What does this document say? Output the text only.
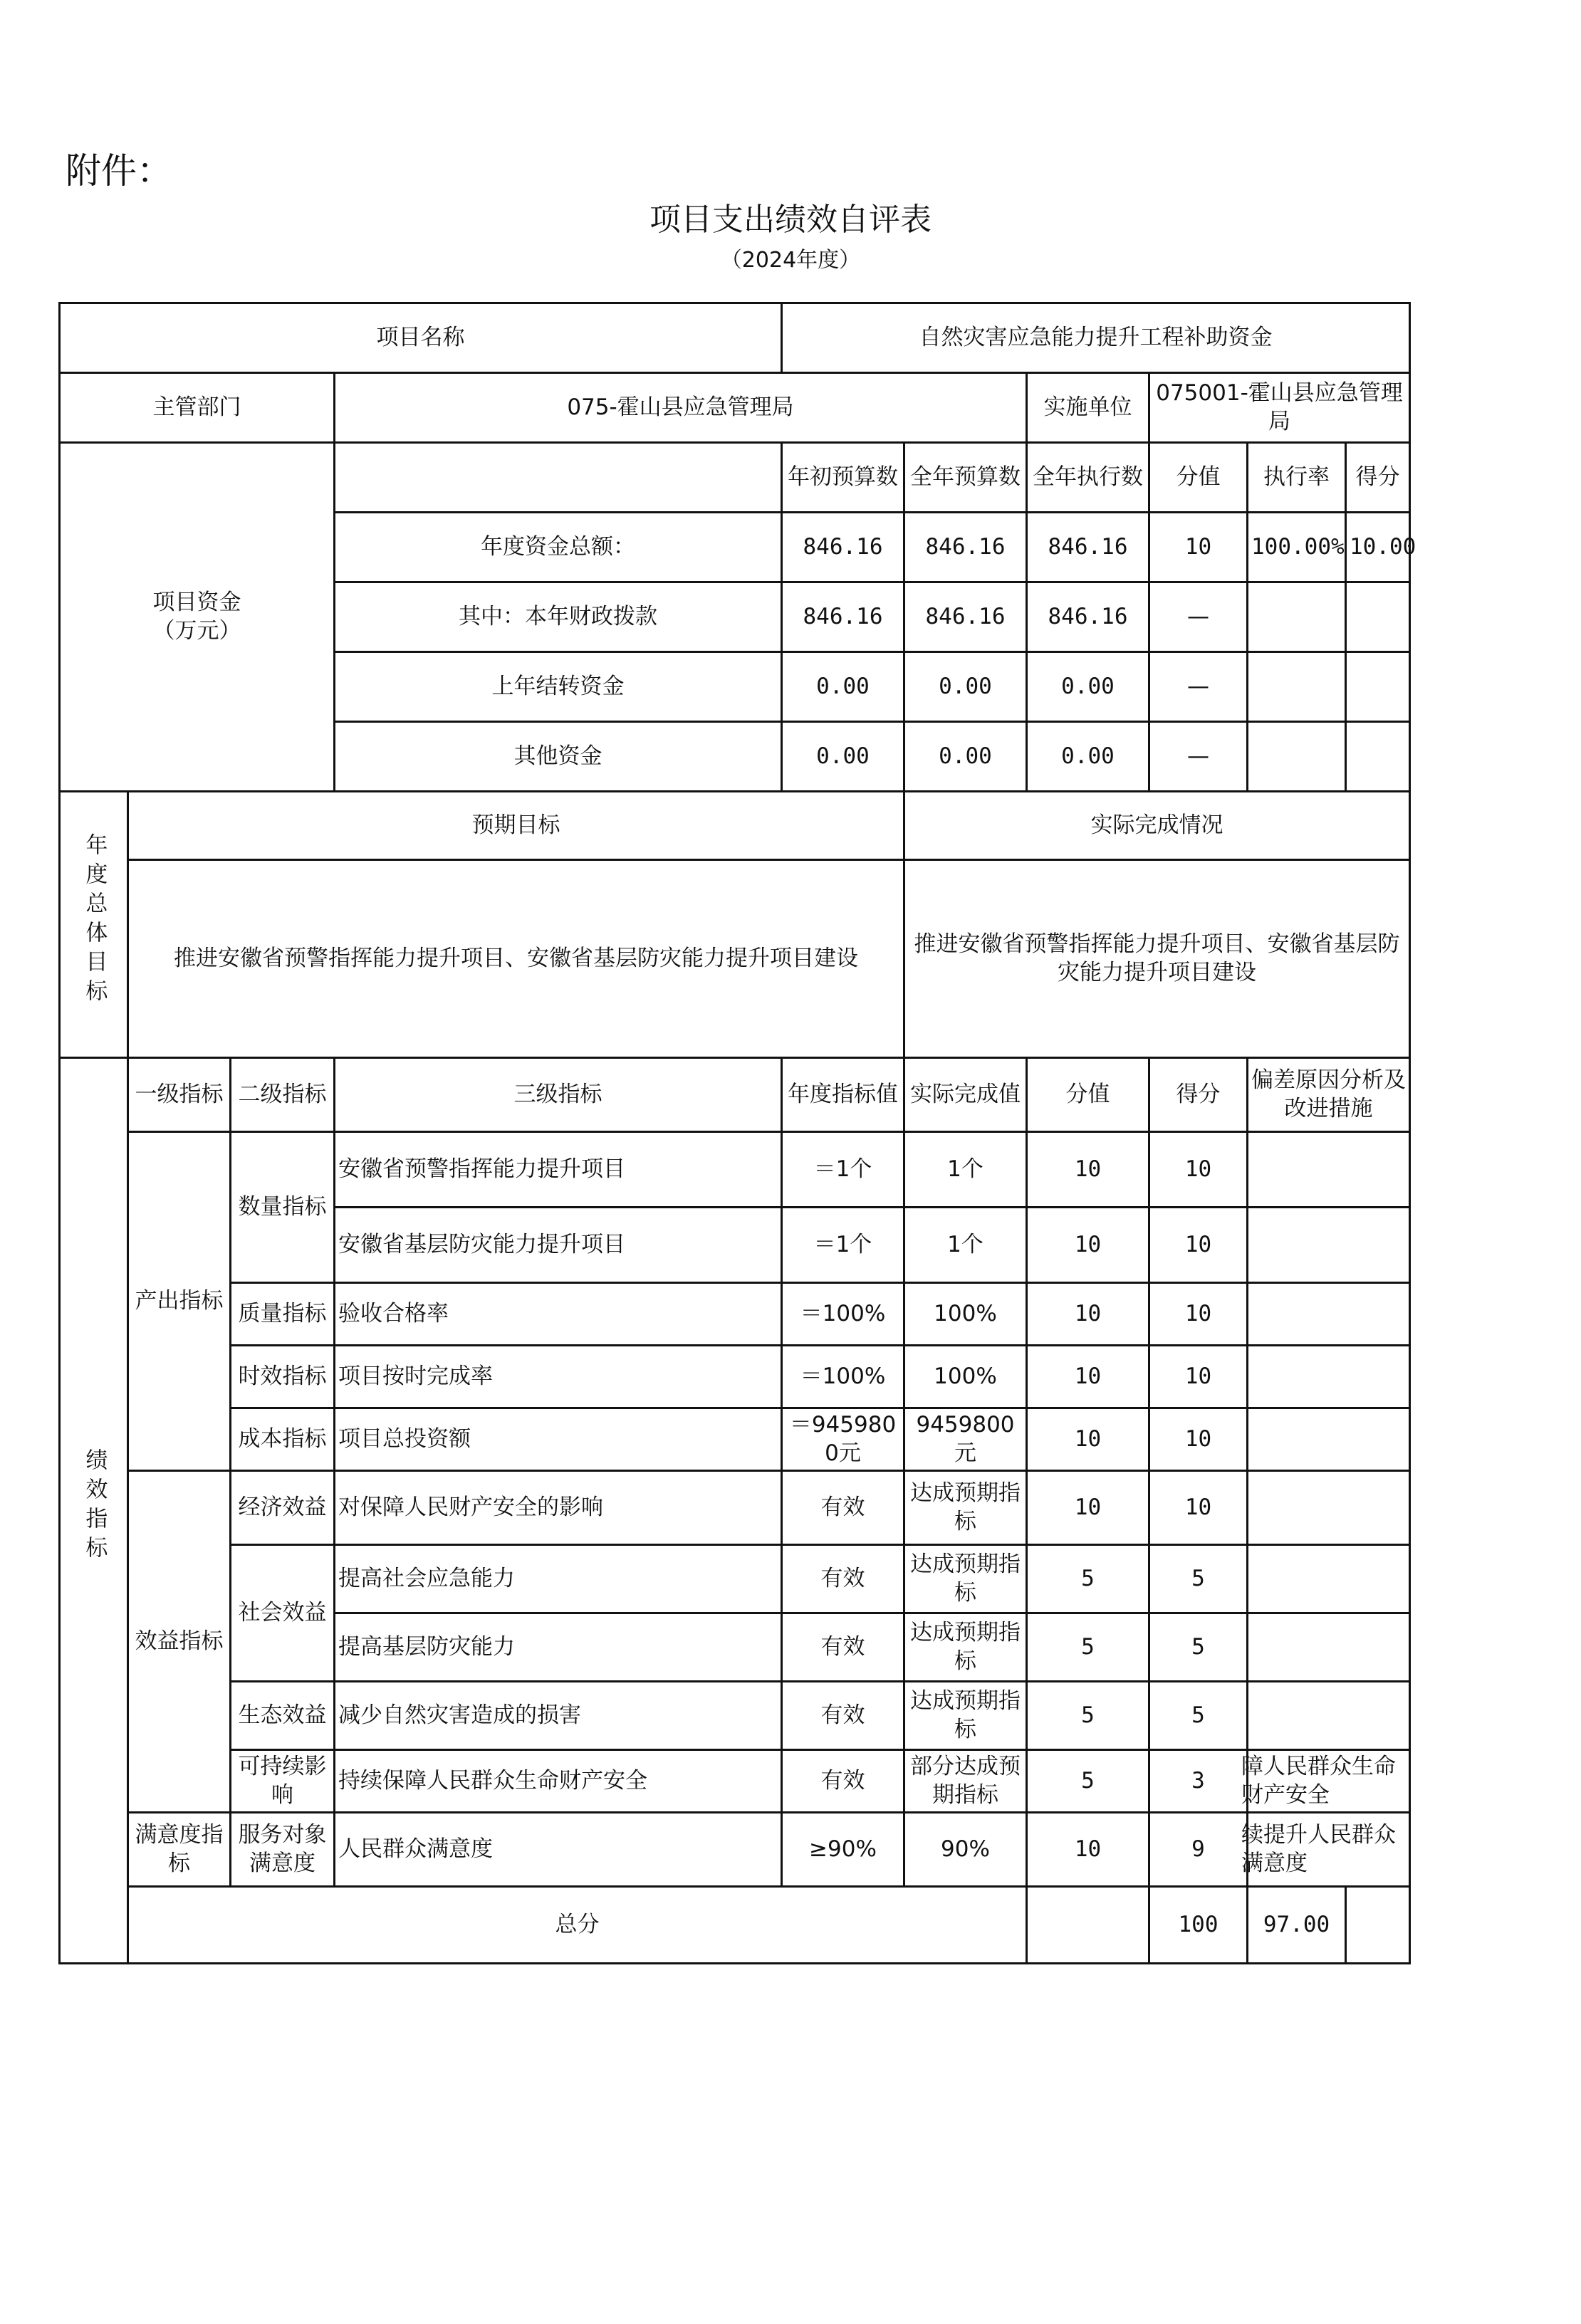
附件：
项目支出绩效自评表
（2024年度）
项目名称				自然灾害应急能力提升工程补助资金					
主管部门			075-霍山县应急管理局			实施单位	075001-霍山县应急管理局		
项目资金
（万元）				年初预算数	全年预算数	全年执行数	分值	执行率	得分
			年度资金总额：	846.16	846.16	846.16	10	100.00%	10.00
			其中：本年财政拨款	846.16	846.16	846.16	—		
			上年结转资金	0.00	0.00	0.00	—		
			其他资金	0.00	0.00	0.00	—		
年度总体目标	预期目标				实际完成情况				
	推进安徽省预警指挥能力提升项目、安徽省基层防灾能力提升项目建设				推进安徽省预警指挥能力提升项目、安徽省基层防灾能力提升项目建设				
绩效指标	一级指标	二级指标	三级指标	年度指标值	实际完成值	分值	得分	偏差原因分析及改进措施	
	产出指标	数量指标	安徽省预警指挥能力提升项目	＝1个	1个	10	10		
			安徽省基层防灾能力提升项目	＝1个	1个	10	10		
		质量指标	验收合格率	＝100%	100%	10	10		
		时效指标	项目按时完成率	＝100%	100%	10	10		
		成本指标	项目总投资额	＝9459800元	9459800元	10	10		
	效益指标	经济效益	对保障人民财产安全的影响	有效	达成预期指标	10	10		
		社会效益	提高社会应急能力	有效	达成预期指标	5	5		
			提高基层防灾能力	有效	达成预期指标	5	5		
		生态效益	减少自然灾害造成的损害	有效	达成预期指标	5	5		
		可持续影响	持续保障人民群众生命财产安全	有效	部分达成预期指标	5	3	障人民群众生命财产安全	
	满意度指标	服务对象满意度	人民群众满意度	≥90%	90%	10	9	续提升人民群众满意度	
	总分						100	97.00	
